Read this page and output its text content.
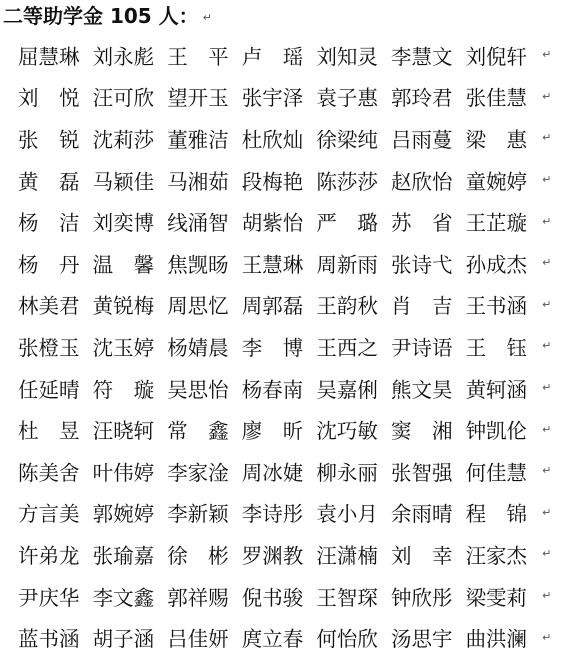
二等助学金 105 人： ↵
屈慧琳 刘永彪 王　平 卢　瑶 刘知灵 李慧文 刘倪轩	↵
刘　悦 汪可欣 望开玉 张宇泽 袁子惠 郭玲君 张佳慧	↵
张　锐 沈莉莎 董雅洁 杜欣灿 徐梁纯 吕雨蔓 梁　惠	↵
黄　磊 马颖佳 马湘茹 段梅艳 陈莎莎 赵欣怡 童婉婷	↵
杨　洁 刘奕博 线涌智 胡紫怡 严　璐 苏　省 王芷璇	↵
杨　丹 温　馨 焦觊旸 王慧琳 周新雨 张诗弋 孙成杰	↵
林美君 黄锐梅 周思忆 周郭磊 王韵秋 肖　吉 王书涵	↵
张橙玉 沈玉婷 杨婧晨 李　博 王西之 尹诗语 王　钰	↵
任延晴 符　璇 吴思怡 杨春南 吴嘉俐 熊文昊 黄轲涵	↵
杜　昱 汪晓轲 常　鑫 廖　昕 沈巧敏 窦　湘 钟凯伦	↵
陈美舍 叶伟婷 李家淦 周冰婕 柳永丽 张智强 何佳慧	↵
方言美 郭婉婷 李新颖 李诗彤 袁小月 余雨晴 程　锦	↵
许弟龙 张瑜嘉 徐　彬 罗渊教 汪潇楠 刘　幸 汪家杰	↵
尹庆华 李文鑫 郭祥赐 倪书骏 王智琛 钟欣彤 梁雯莉	↵
蓝书涵 胡子涵 吕佳妍 庹立春 何怡欣 汤思宇 曲洪澜	↵
